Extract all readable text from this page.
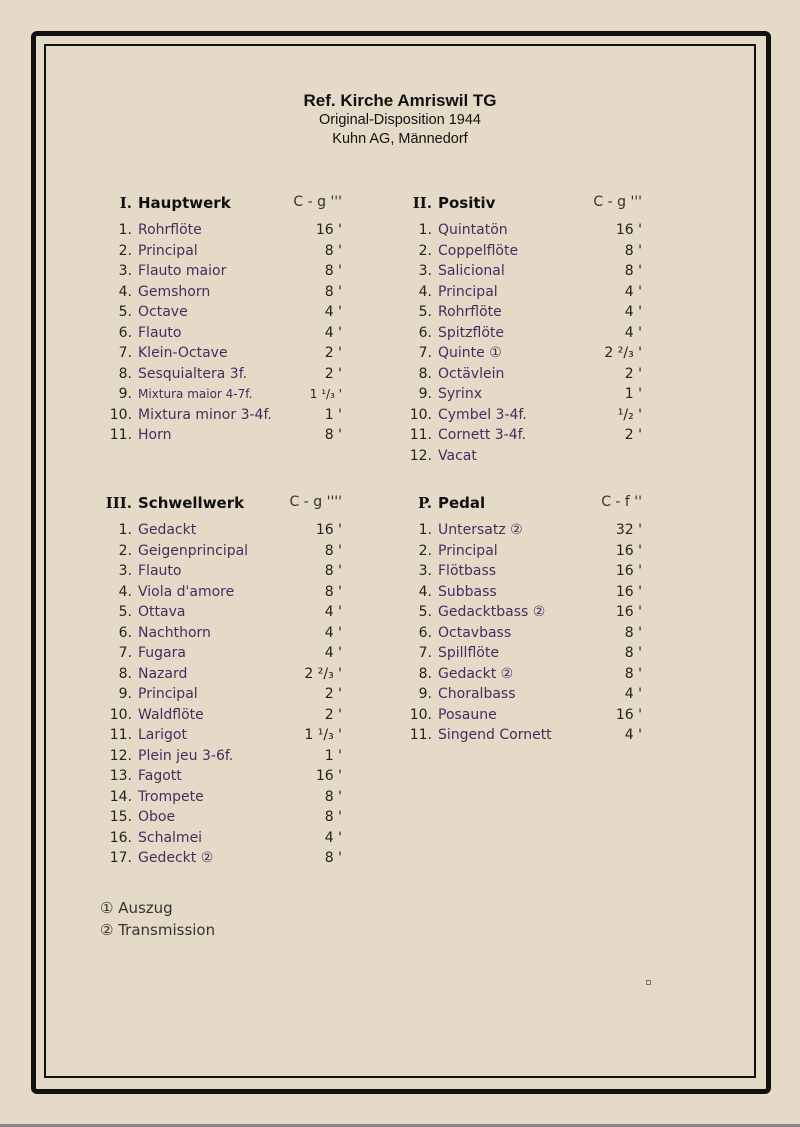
Ref. Kirche Amriswil TG
Original-Disposition 1944
Kuhn AG, Männedorf
I. Hauptwerk	C - g '''
1. Rohrflöte	16 '
2. Principal	8 '
3. Flauto maior	8 '
4. Gemshorn	8 '
5. Octave	4 '
6. Flauto	4 '
7. Klein-Octave	2 '
8. Sesquialtera 3f.	2 '
9. Mixtura maior 4-7f.	1 ¹/₃ '
10. Mixtura minor 3-4f.	1 '
11. Horn	8 '
II. Positiv	C - g '''
1. Quintatön	16 '
2. Coppelflöte	8 '
3. Salicional	8 '
4. Principal	4 '
5. Rohrflöte	4 '
6. Spitzflöte	4 '
7. Quinte ①	2 ²/₃ '
8. Octävlein	2 '
9. Syrinx	1 '
10. Cymbel 3-4f.	¹/₂ '
11. Cornett 3-4f.	2 '
12. Vacat
III. Schwellwerk	C - g ''''
1. Gedackt	16 '
2. Geigenprincipal	8 '
3. Flauto	8 '
4. Viola d'amore	8 '
5. Ottava	4 '
6. Nachthorn	4 '
7. Fugara	4 '
8. Nazard	2 ²/₃ '
9. Principal	2 '
10. Waldflöte	2 '
11. Larigot	1 ¹/₃ '
12. Plein jeu 3-6f.	1 '
13. Fagott	16 '
14. Trompete	8 '
15. Oboe	8 '
16. Schalmei	4 '
17. Gedeckt ②	8 '
P. Pedal	C - f ''
1. Untersatz ②	32 '
2. Principal	16 '
3. Flötbass	16 '
4. Subbass	16 '
5. Gedacktbass ②	16 '
6. Octavbass	8 '
7. Spillflöte	8 '
8. Gedackt ②	8 '
9. Choralbass	4 '
10. Posaune	16 '
11. Singend Cornett	4 '
① Auszug
② Transmission
